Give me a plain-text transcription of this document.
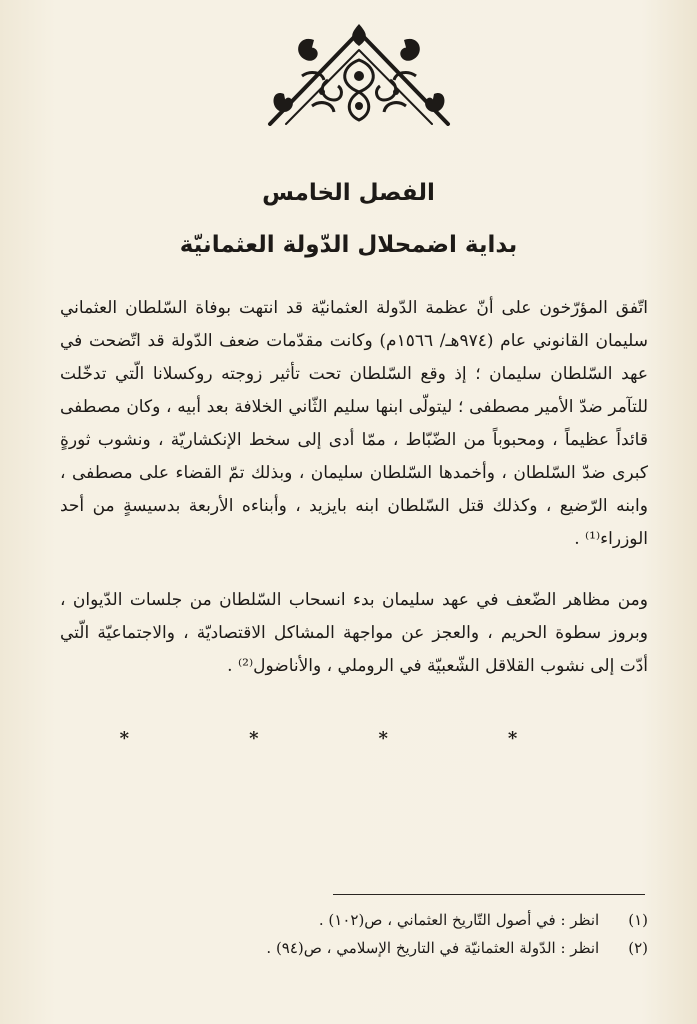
الفصل الخامس
بداية اضمحلال الدّولة العثمانيّة

اتّفق المؤرّخون على أنّ عظمة الدّولة العثمانيّة قد انتهت بوفاة السّلطان العثماني سليمان القانوني عام (٩٧٤هـ/ ١٥٦٦م) وكانت مقدّمات ضعف الدّولة قد اتّضحت في عهد السّلطان سليمان ؛ إذ وقع السّلطان تحت تأثير زوجته روكسلانا الّتي تدخّلت للتآمر ضدّ الأمير مصطفى ؛ ليتولّى ابنها سليم الثّاني الخلافة بعد أبيه ، وكان مصطفى قائداً عظيماً ، ومحبوباً من الضّبّاط ، ممّا أدى إلى سخط الإنكشاريّة ، ونشوب ثورةٍ كبرى ضدّ السّلطان ، وأخمدها السّلطان سليمان ، وبذلك تمّ القضاء على مصطفى ، وابنه الرّضيع ، وكذلك قتل السّلطان ابنه بايزيد ، وأبناءه الأربعة بدسيسةٍ من أحد الوزراء⁽¹⁾ .

ومن مظاهر الضّعف في عهد سليمان بدء انسحاب السّلطان من جلسات الدّيوان ، وبروز سطوة الحريم ، والعجز عن مواجهة المشاكل الاقتصاديّة ، والاجتماعيّة الّتي أدّت إلى نشوب القلاقل الشّعبيّة في الروملي ، والأناضول⁽²⁾ .

*	*	*	*
(١) انظر : في أصول التّاريخ العثماني ، ص(١٠٢) .
(٢) انظر : الدّولة العثمانيّة في التاريخ الإسلامي ، ص(٩٤) .
